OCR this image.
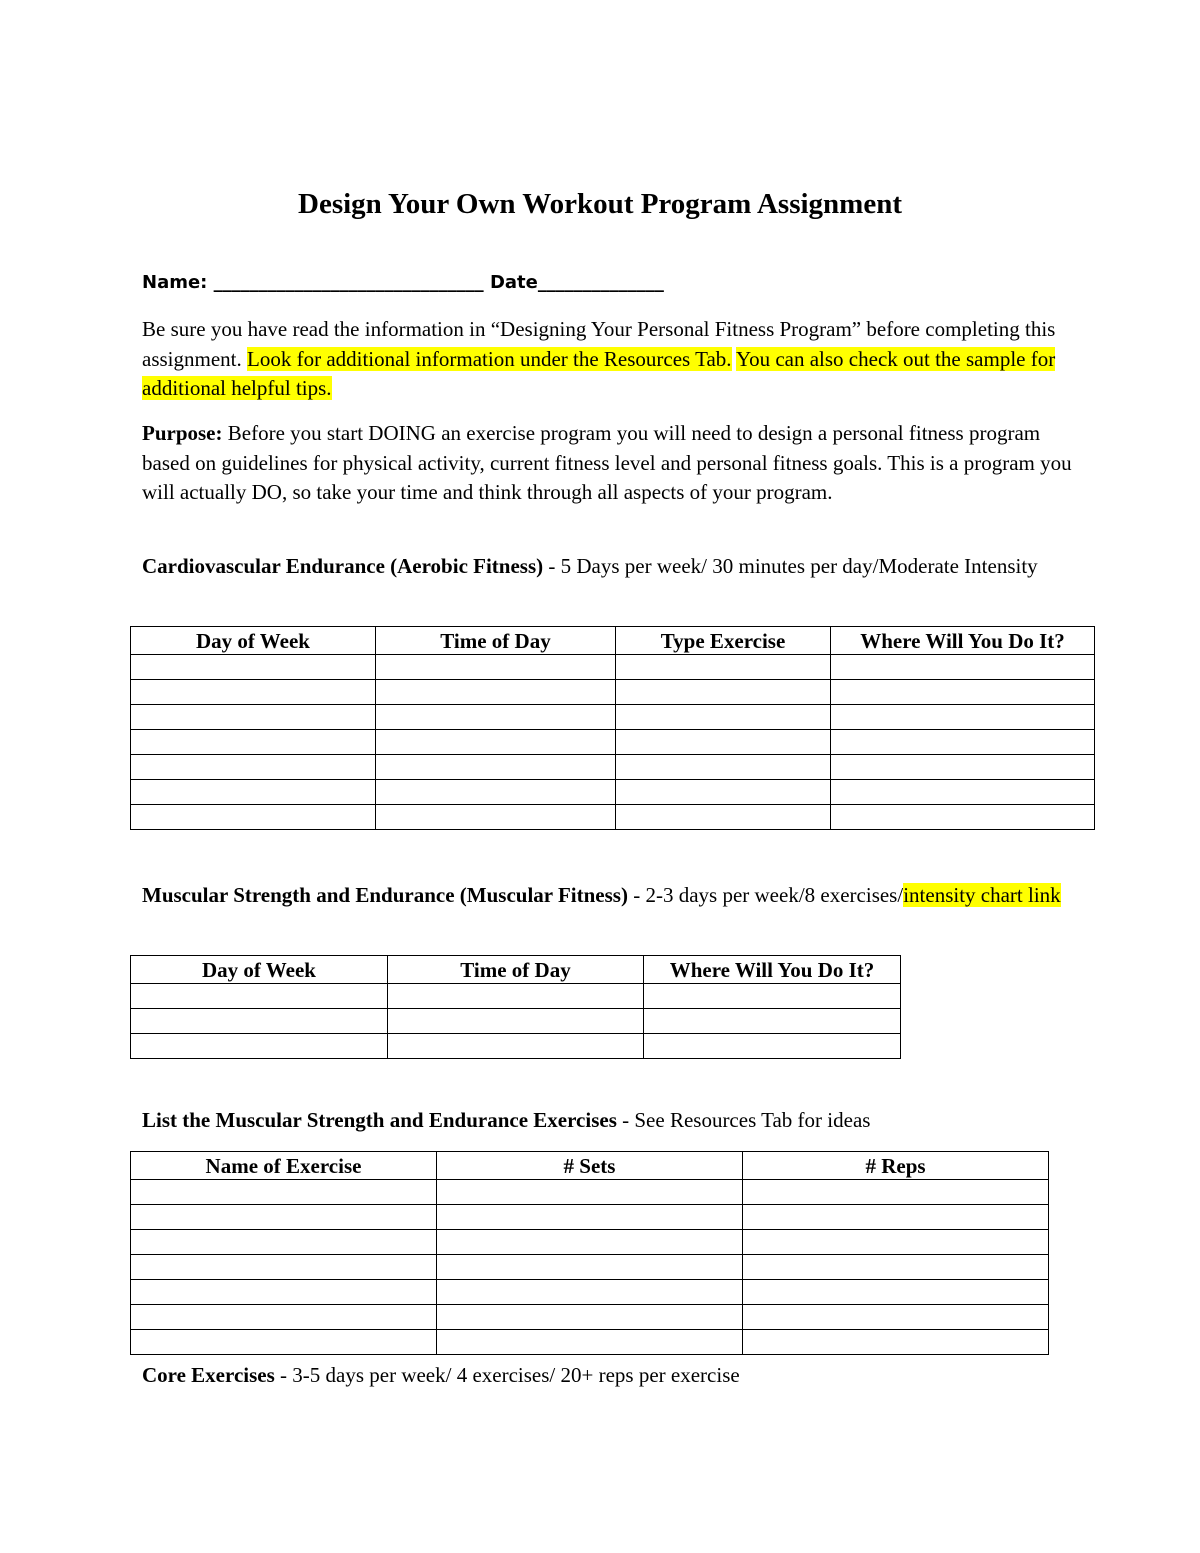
Design Your Own Workout Program Assignment
Name: ______________________________ Date______________

Be sure you have read the information in “Designing Your Personal Fitness Program” before completing this assignment. Look for additional information under the Resources Tab. You can also check out the sample for additional helpful tips.

Purpose: Before you start DOING an exercise program you will need to design a personal fitness program based on guidelines for physical activity, current fitness level and personal fitness goals. This is a program you will actually DO, so take your time and think through all aspects of your program.

Cardiovascular Endurance (Aerobic Fitness) - 5 Days per week/ 30 minutes per day/Moderate Intensity

Day of Week	Time of Day	Type Exercise	Where Will You Do It?

Muscular Strength and Endurance (Muscular Fitness) - 2-3 days per week/8 exercises/intensity chart link

Day of Week	Time of Day	Where Will You Do It?

List the Muscular Strength and Endurance Exercises - See Resources Tab for ideas

Name of Exercise	# Sets	# Reps

Core Exercises - 3-5 days per week/ 4 exercises/ 20+ reps per exercise
